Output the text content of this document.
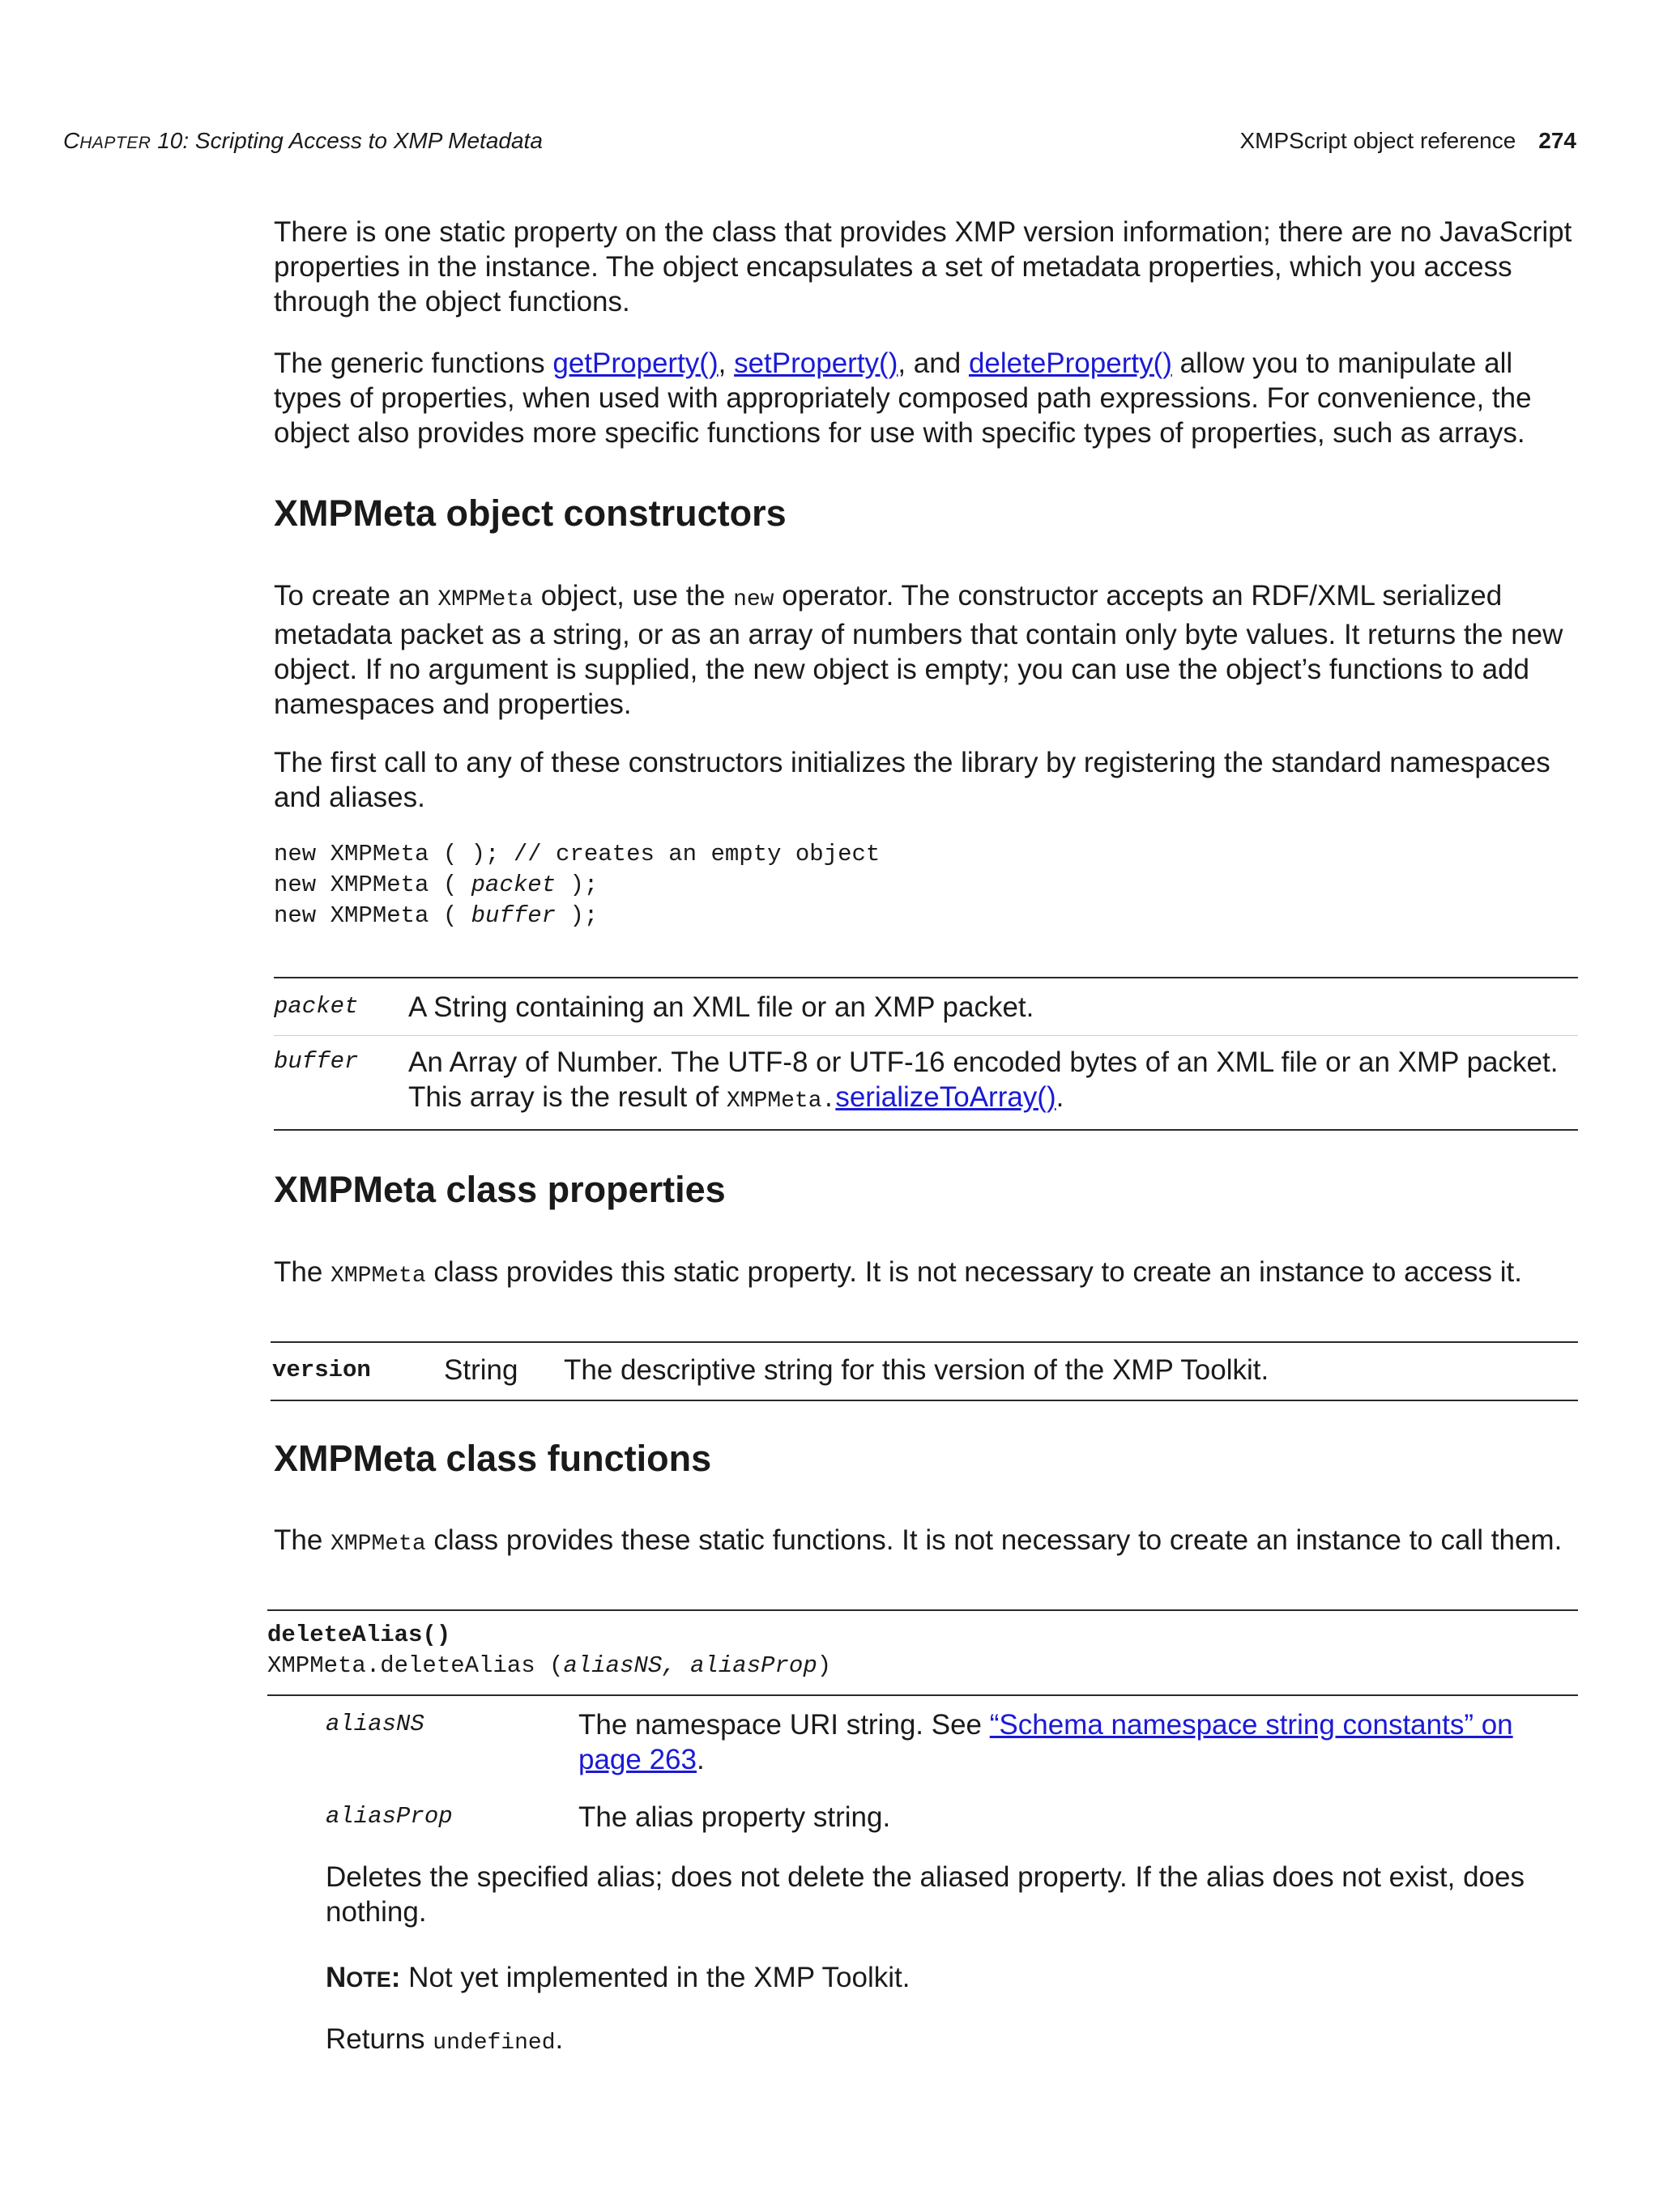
CHAPTER 10: Scripting Access to XMP Metadata	XMPScript object reference 274

There is one static property on the class that provides XMP version information; there are no JavaScript properties in the instance. The object encapsulates a set of metadata properties, which you access through the object functions.

The generic functions getProperty(), setProperty(), and deleteProperty() allow you to manipulate all types of properties, when used with appropriately composed path expressions. For convenience, the object also provides more specific functions for use with specific types of properties, such as arrays.

XMPMeta object constructors

To create an XMPMeta object, use the new operator. The constructor accepts an RDF/XML serialized metadata packet as a string, or as an array of numbers that contain only byte values. It returns the new object. If no argument is supplied, the new object is empty; you can use the object’s functions to add namespaces and properties.

The first call to any of these constructors initializes the library by registering the standard namespaces and aliases.

new XMPMeta ( ); // creates an empty object
new XMPMeta ( packet );
new XMPMeta ( buffer );
packet A String containing an XML file or an XMP packet.
buffer An Array of Number. The UTF-8 or UTF-16 encoded bytes of an XML file or an XMP packet. This array is the result of XMPMeta.serializeToArray().

XMPMeta class properties

The XMPMeta class provides this static property. It is not necessary to create an instance to access it.

version	String The descriptive string for this version of the XMP Toolkit.
XMPMeta class functions

The XMPMeta class provides these static functions. It is not necessary to create an instance to call them.

deleteAlias()
XMPMeta.deleteAlias (aliasNS, aliasProp)
aliasNS	The namespace URI string. See “Schema namespace string constants” on
page 263.

aliasProp	The alias property string.

Deletes the specified alias; does not delete the aliased property. If the alias does not exist, does nothing.

NOTE: Not yet implemented in the XMP Toolkit.

Returns undefined.
